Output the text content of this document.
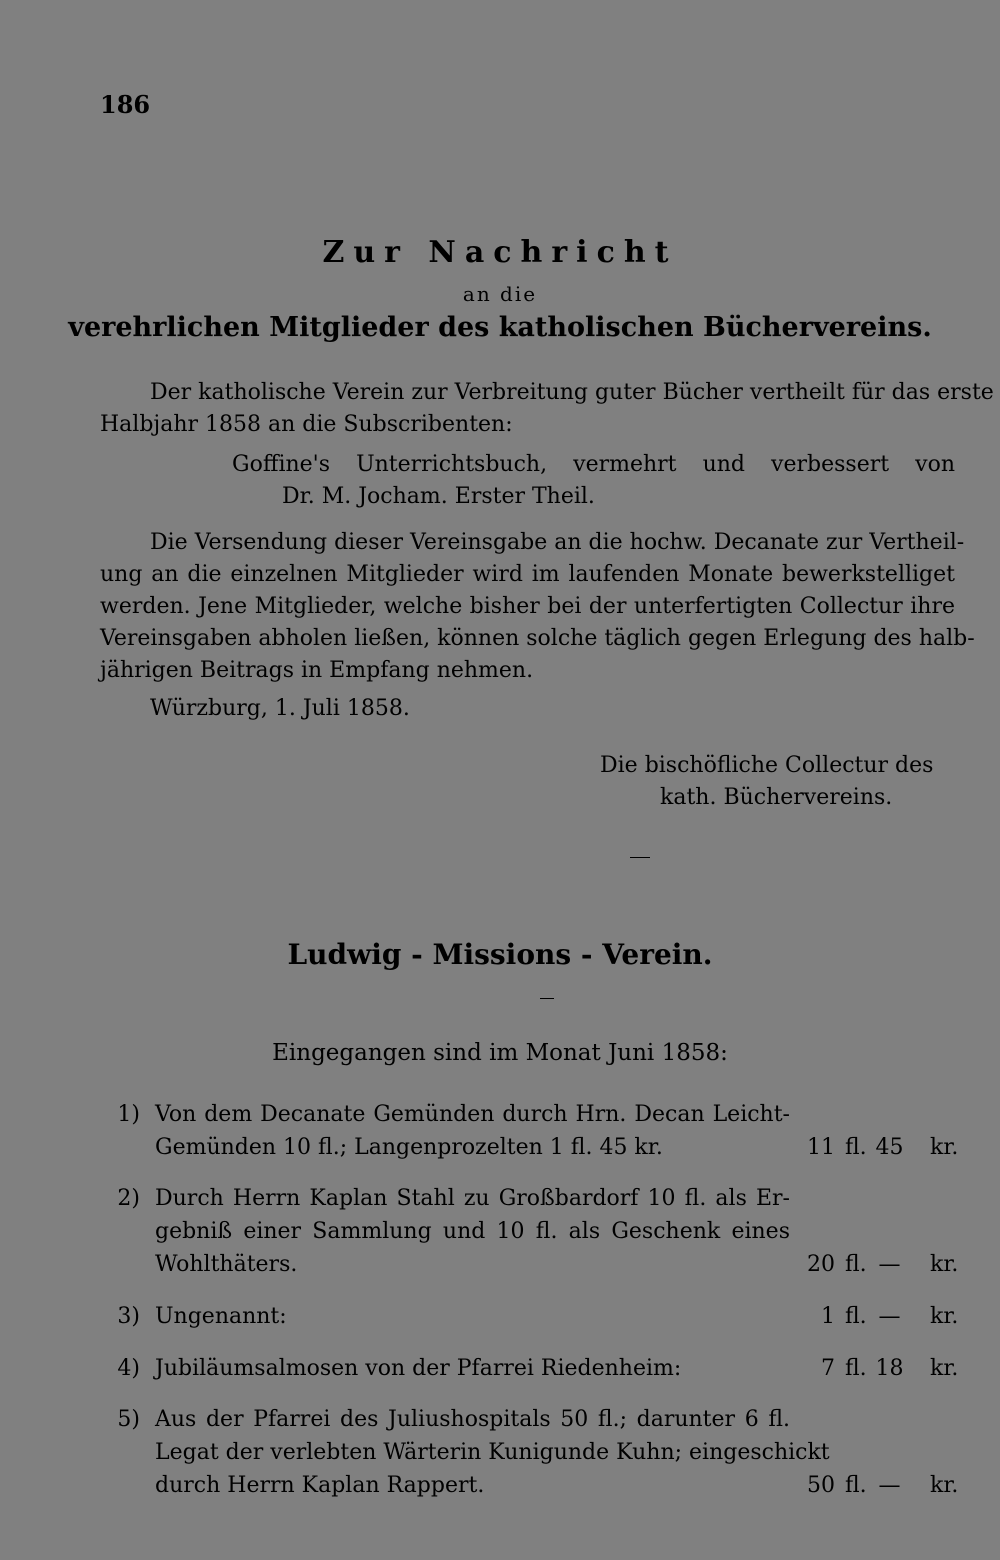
186
Zur Nachricht
an die
verehrlichen Mitglieder des katholischen Büchervereins.
Der katholische Verein zur Verbreitung guter Bücher vertheilt für das erste
Halbjahr 1858 an die Subscribenten:
Goffine's Unterrichtsbuch, vermehrt und verbessert von
Dr. M. Jocham. Erster Theil.
Die Versendung dieser Vereinsgabe an die hochw. Decanate zur Vertheil-
ung an die einzelnen Mitglieder wird im laufenden Monate bewerkstelliget
werden. Jene Mitglieder, welche bisher bei der unterfertigten Collectur ihre
Vereinsgaben abholen ließen, können solche täglich gegen Erlegung des halb-
jährigen Beitrags in Empfang nehmen.
Würzburg, 1. Juli 1858.
Die bischöfliche Collectur des
kath. Büchervereins.
Ludwig - Missions - Verein.
Eingegangen sind im Monat Juni 1858:
1) Von dem Decanate Gemünden durch Hrn. Decan Leicht-
Gemünden 10 fl.; Langenprozelten 1 fl. 45 kr.	11 fl. 45 kr.
2) Durch Herrn Kaplan Stahl zu Großbardorf 10 fl. als Er-
gebniß einer Sammlung und 10 fl. als Geschenk eines
Wohlthäters.	20 fl. — kr.
3) Ungenannt:	1 fl. — kr.
4) Jubiläumsalmosen von der Pfarrei Riedenheim:	7 fl. 18 kr.
5) Aus der Pfarrei des Juliushospitals 50 fl.; darunter 6 fl.
Legat der verlebten Wärterin Kunigunde Kuhn; eingeschickt
durch Herrn Kaplan Rappert.	50 fl. — kr.
